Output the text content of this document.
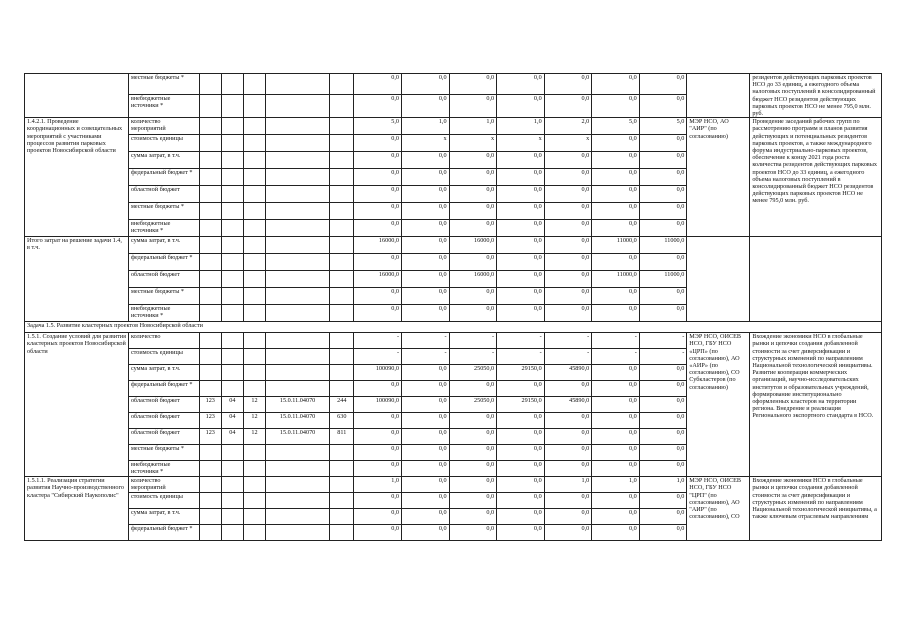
	местные бюджеты *						0,0	0,0	0,0	0,0	0,0	0,0	0,0		резидентов действующих парковых проектов НСО до 33 единиц, а ежегодного объема налоговых поступлений в консолидированный бюджет НСО резидентов действующих парковых проектов НСО не менее 795,0 млн. руб.
	внебюджетные источники *						0,0	0,0	0,0	0,0	0,0	0,0	0,0		
1.4.2.1. Проведение координационных и совещательных мероприятий с участниками процессов развития парковых проектов Новосибирской области	количество мероприятий						5,0	1,0	1,0	1,0	2,0	5,0	5,0	МЭР НСО, АО "АИР" (по согласованию)	Проведение заседаний рабочих групп по рассмотрению программ и планов развития действующих и потенциальных резидентов парковых проектов, а также международного форума индустриально-парковых проектов, обеспечение к концу 2021 года роста количества резидентов действующих парковых проектов НСО до 33 единиц, а ежегодного объема налоговых поступлений в консолидированный бюджет НСО резидентов действующих парковых проектов НСО не менее 795,0 млн. руб.
	стоимость единицы						0,0	x	x	x	x	0,0	0,0		
	сумма затрат, в т.ч.						0,0	0,0	0,0	0,0	0,0	0,0	0,0		
	федеральный бюджет *						0,0	0,0	0,0	0,0	0,0	0,0	0,0		
	областной бюджет						0,0	0,0	0,0	0,0	0,0	0,0	0,0		
	местные бюджеты *						0,0	0,0	0,0	0,0	0,0	0,0	0,0		
	внебюджетные источники *						0,0	0,0	0,0	0,0	0,0	0,0	0,0		
Итого затрат на решение задачи 1.4, в т.ч.	сумма затрат, в т.ч.						16000,0	0,0	16000,0	0,0	0,0	11000,0	11000,0		
	федеральный бюджет *						0,0	0,0	0,0	0,0	0,0	0,0	0,0		
	областной бюджет						16000,0	0,0	16000,0	0,0	0,0	11000,0	11000,0		
	местные бюджеты *						0,0	0,0	0,0	0,0	0,0	0,0	0,0		
	внебюджетные источники *						0,0	0,0	0,0	0,0	0,0	0,0	0,0		
Задача 1.5. Развитие кластерных проектов Новосибирской области															
1.5.1. Создание условий для развития кластерных проектов Новосибирской области	количество						-	-	-	-	-	-	-	МЭР НСО, ОИСЕВ НСО, ГБУ НСО «ЦРП» (по согласованию), АО «АИР» (по согласованию), СО Субкластеров (по согласованию)	Вхождение экономики НСО в глобальные рынки и цепочки создания добавленной стоимости за счет диверсификации и структурных изменений по направлениям Национальной технологической инициативы. Развитие кооперации коммерческих организаций, научно-исследовательских институтов и образовательных учреждений, формирование институционально оформленных кластеров на территории региона. Внедрение и реализация Регионального экспортного стандарта в НСО.
	стоимость единицы						-	-	-	-	-	-	-		
	сумма затрат, в т.ч.						100090,0	0,0	25050,0	29150,0	45890,0	0,0	0,0		
	федеральный бюджет *						0,0	0,0	0,0	0,0	0,0	0,0	0,0		
	областной бюджет	123	04	12	15.0.11.04070	244	100090,0	0,0	25050,0	29150,0	45890,0	0,0	0,0		
	областной бюджет	123	04	12	15.0.11.04070	630	0,0	0,0	0,0	0,0	0,0	0,0	0,0		
	областной бюджет	123	04	12	15.0.11.04070	811	0,0	0,0	0,0	0,0	0,0	0,0	0,0		
	местные бюджеты *						0,0	0,0	0,0	0,0	0,0	0,0	0,0		
	внебюджетные источники *						0,0	0,0	0,0	0,0	0,0	0,0	0,0		
1.5.1.1. Реализация стратегии развития Научно-производственного кластера "Сибирский Наукополис"	количество мероприятий						1,0	0,0	0,0	0,0	1,0	1,0	1,0	МЭР НСО, ОИСЕВ НСО, ГБУ НСО "ЦРП" (по согласованию), АО "АИР" (по согласованию), СО	Вхождение экономики НСО в глобальные рынки и цепочки создания добавленной стоимости за счет диверсификации и структурных изменений по направлениям Национальной технологической инициативы, а также ключевым отраслевым направлениям
	стоимость единицы						0,0	0,0	0,0	0,0	0,0	0,0	0,0		
	сумма затрат, в т.ч.						0,0	0,0	0,0	0,0	0,0	0,0	0,0		
	федеральный бюджет *						0,0	0,0	0,0	0,0	0,0	0,0	0,0		
